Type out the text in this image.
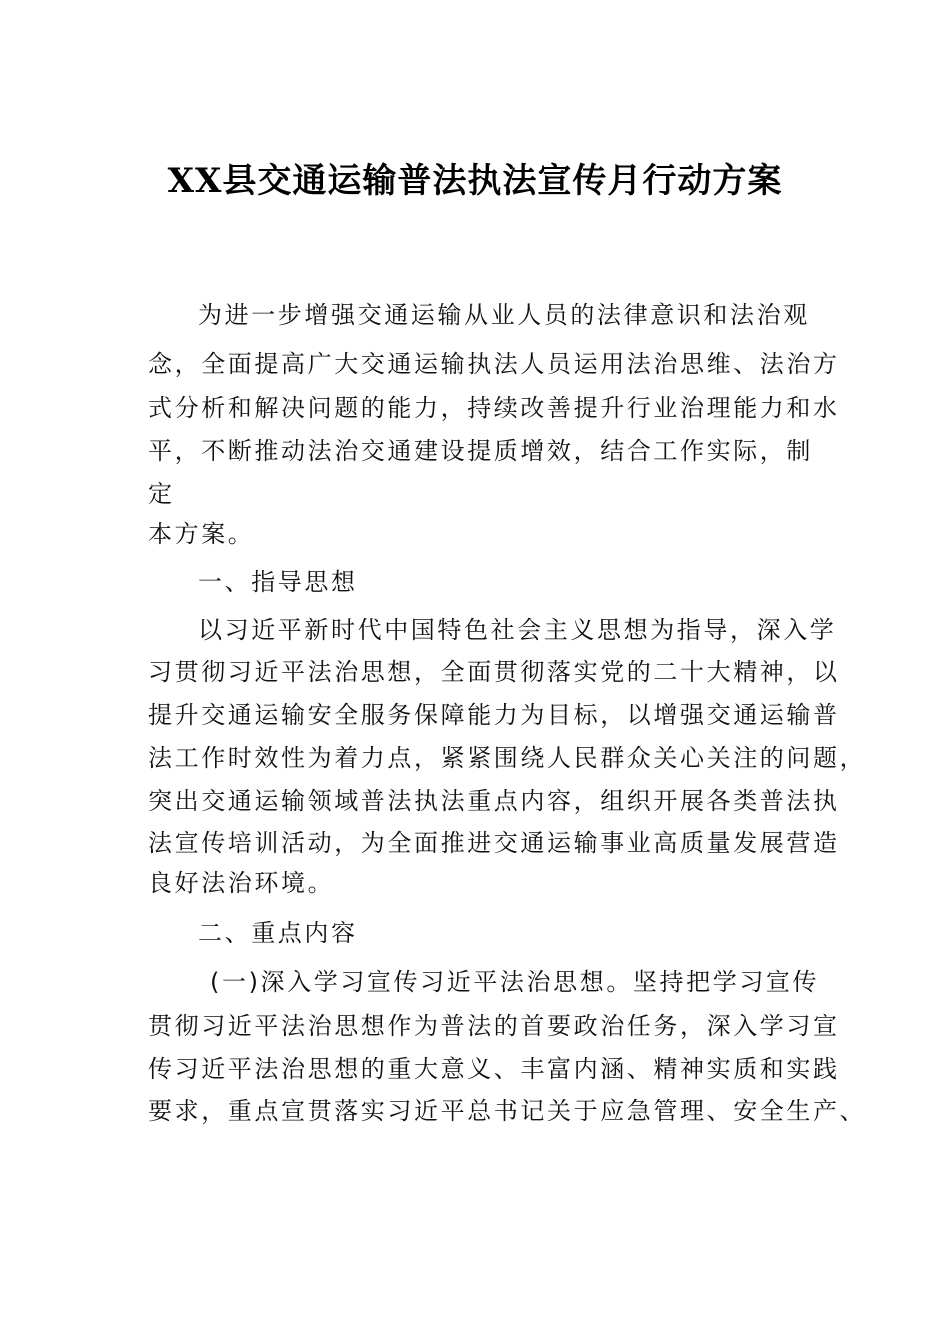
XX县交通运输普法执法宣传月行动方案
为进一步增强交通运输从业人员的法律意识和法治观
念，全面提高广大交通运输执法人员运用法治思维、法治方
式分析和解决问题的能力，持续改善提升行业治理能力和水
平，不断推动法治交通建设提质增效，结合工作实际，制
定
本方案。
一、指导思想
以习近平新时代中国特色社会主义思想为指导，深入学
习贯彻习近平法治思想，全面贯彻落实党的二十大精神，以
提升交通运输安全服务保障能力为目标，以增强交通运输普
法工作时效性为着力点，紧紧围绕人民群众关心关注的问题，
突出交通运输领域普法执法重点内容，组织开展各类普法执
法宣传培训活动，为全面推进交通运输事业高质量发展营造
良好法治环境。
二、重点内容
(一)深入学习宣传习近平法治思想。坚持把学习宣传
贯彻习近平法治思想作为普法的首要政治任务，深入学习宣
传习近平法治思想的重大意义、丰富内涵、精神实质和实践
要求，重点宣贯落实习近平总书记关于应急管理、安全生产、
